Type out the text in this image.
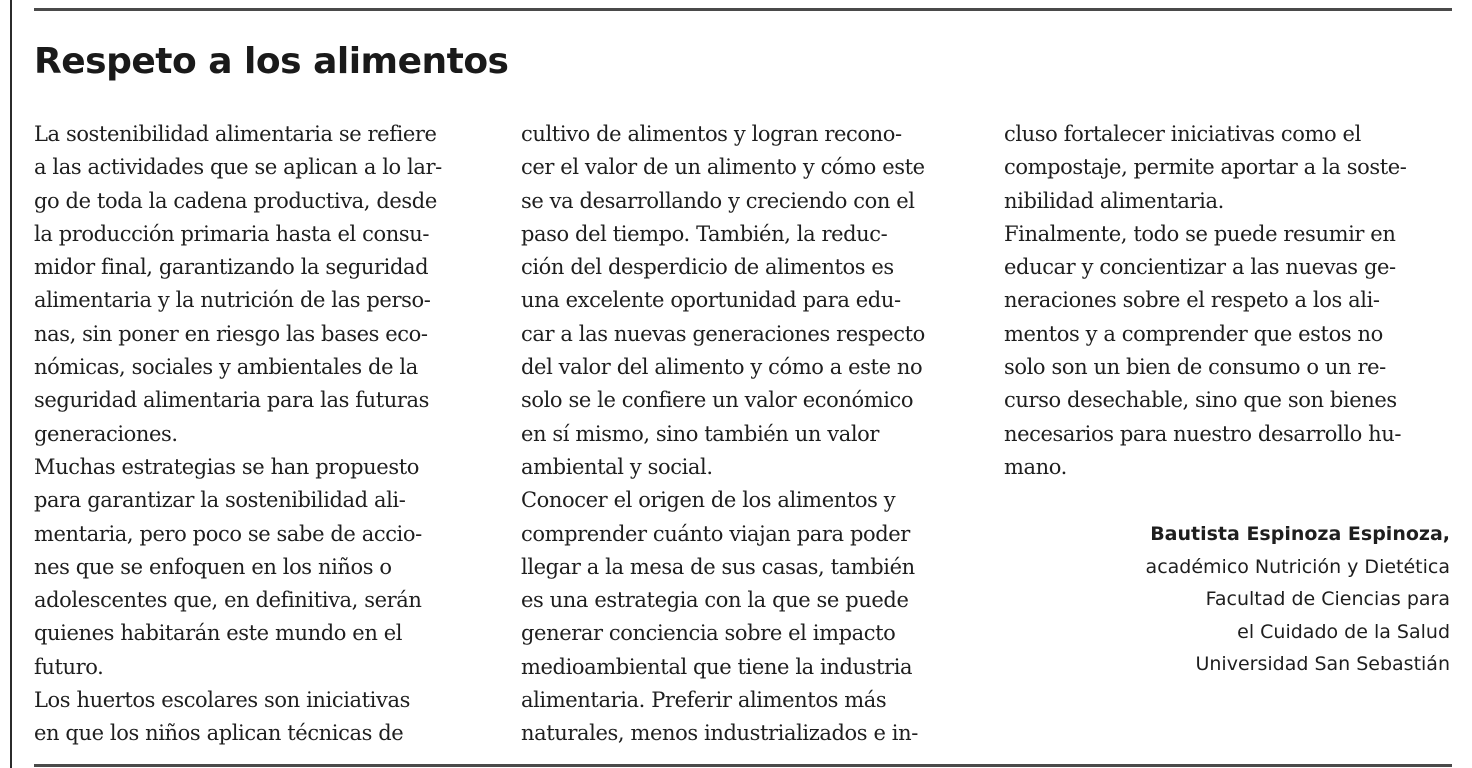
Respeto a los alimentos
La sostenibilidad alimentaria se refiere
a las actividades que se aplican a lo lar-
go de toda la cadena productiva, desde
la producción primaria hasta el consu-
midor final, garantizando la seguridad
alimentaria y la nutrición de las perso-
nas, sin poner en riesgo las bases eco-
nómicas, sociales y ambientales de la
seguridad alimentaria para las futuras
generaciones.
Muchas estrategias se han propuesto
para garantizar la sostenibilidad ali-
mentaria, pero poco se sabe de accio-
nes que se enfoquen en los niños o
adolescentes que, en definitiva, serán
quienes habitarán este mundo en el
futuro.
Los huertos escolares son iniciativas
en que los niños aplican técnicas de
cultivo de alimentos y logran recono-
cer el valor de un alimento y cómo este
se va desarrollando y creciendo con el
paso del tiempo. También, la reduc-
ción del desperdicio de alimentos es
una excelente oportunidad para edu-
car a las nuevas generaciones respecto
del valor del alimento y cómo a este no
solo se le confiere un valor económico
en sí mismo, sino también un valor
ambiental y social.
Conocer el origen de los alimentos y
comprender cuánto viajan para poder
llegar a la mesa de sus casas, también
es una estrategia con la que se puede
generar conciencia sobre el impacto
medioambiental que tiene la industria
alimentaria. Preferir alimentos más
naturales, menos industrializados e in-
cluso fortalecer iniciativas como el
compostaje, permite aportar a la soste-
nibilidad alimentaria.
Finalmente, todo se puede resumir en
educar y concientizar a las nuevas ge-
neraciones sobre el respeto a los ali-
mentos y a comprender que estos no
solo son un bien de consumo o un re-
curso desechable, sino que son bienes
necesarios para nuestro desarrollo hu-
mano.
Bautista Espinoza Espinoza,
académico Nutrición y Dietética
Facultad de Ciencias para
el Cuidado de la Salud
Universidad San Sebastián
